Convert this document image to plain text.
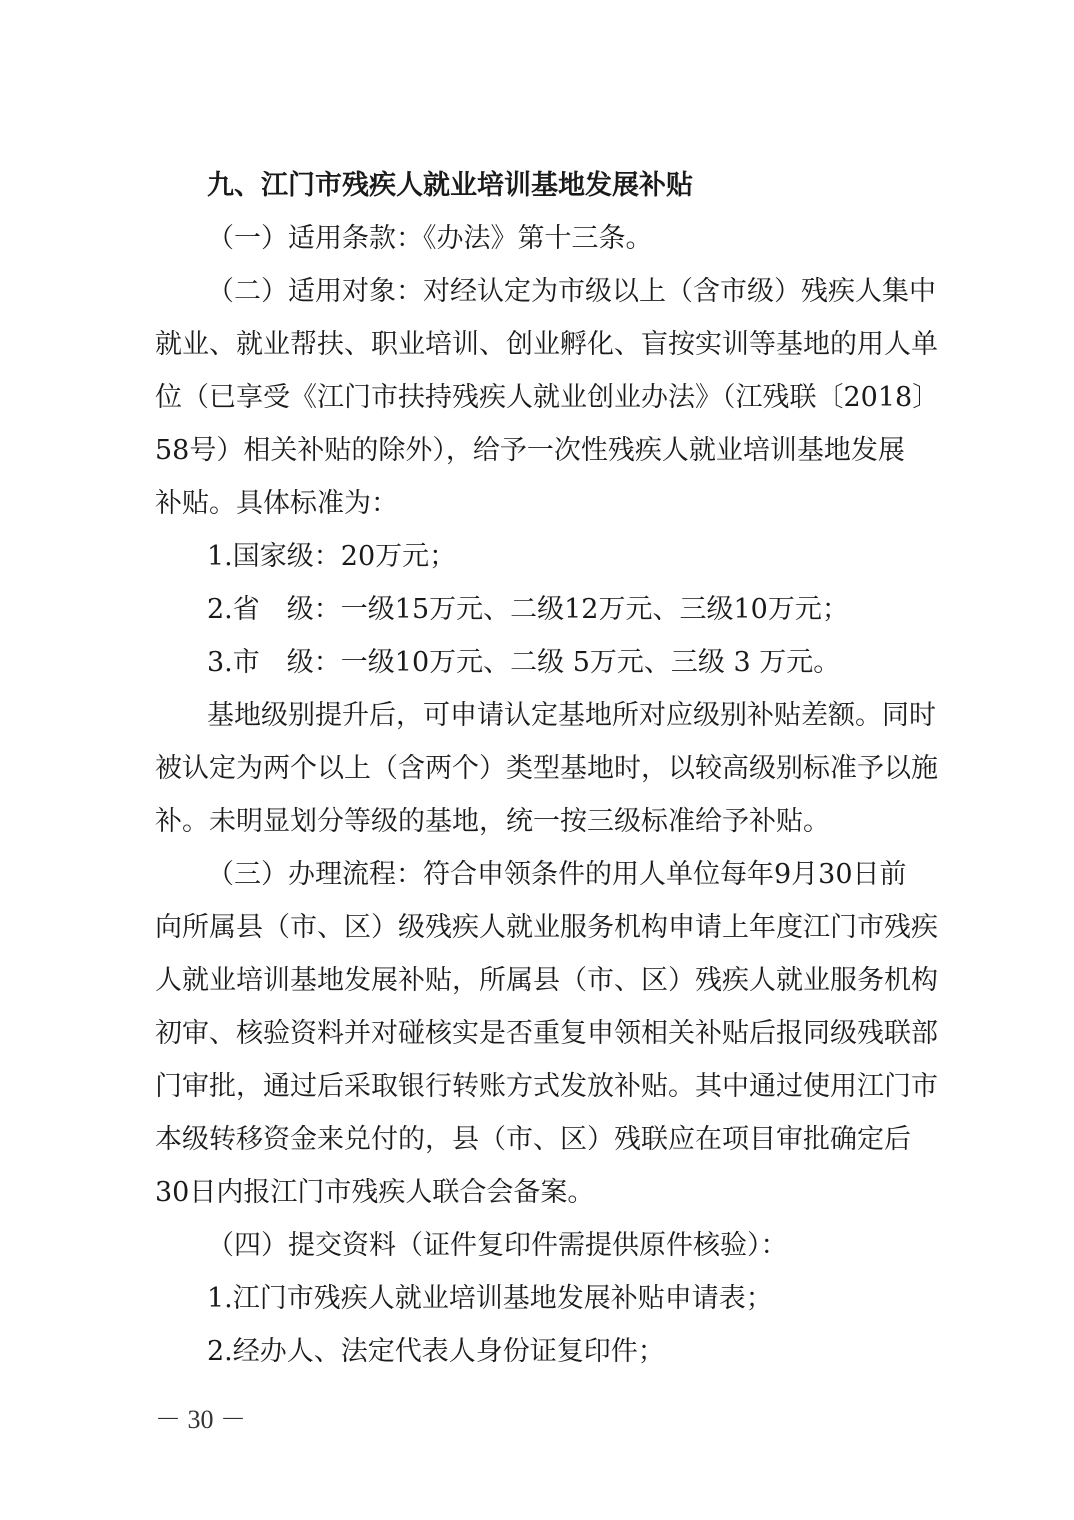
九、江门市残疾人就业培训基地发展补贴
（一）适用条款：《办法》第十三条。
（二）适用对象：对经认定为市级以上（含市级）残疾人集中
就业、就业帮扶、职业培训、创业孵化、盲按实训等基地的用人单
位（已享受《江门市扶持残疾人就业创业办法》（江残联〔2018〕
58号）相关补贴的除外），给予一次性残疾人就业培训基地发展
补贴。具体标准为：
1.国家级：20万元；
2.省　级：一级15万元、二级12万元、三级10万元；
3.市　级：一级10万元、二级 5万元、三级 3 万元。
基地级别提升后，可申请认定基地所对应级别补贴差额。同时
被认定为两个以上（含两个）类型基地时，以较高级别标准予以施
补。未明显划分等级的基地，统一按三级标准给予补贴。
（三）办理流程：符合申领条件的用人单位每年9月30日前
向所属县（市、区）级残疾人就业服务机构申请上年度江门市残疾
人就业培训基地发展补贴，所属县（市、区）残疾人就业服务机构
初审、核验资料并对碰核实是否重复申领相关补贴后报同级残联部
门审批，通过后采取银行转账方式发放补贴。其中通过使用江门市
本级转移资金来兑付的，县（市、区）残联应在项目审批确定后
30日内报江门市残疾人联合会备案。
（四）提交资料（证件复印件需提供原件核验）：
1.江门市残疾人就业培训基地发展补贴申请表；
2.经办人、法定代表人身份证复印件；
－ 30 －
